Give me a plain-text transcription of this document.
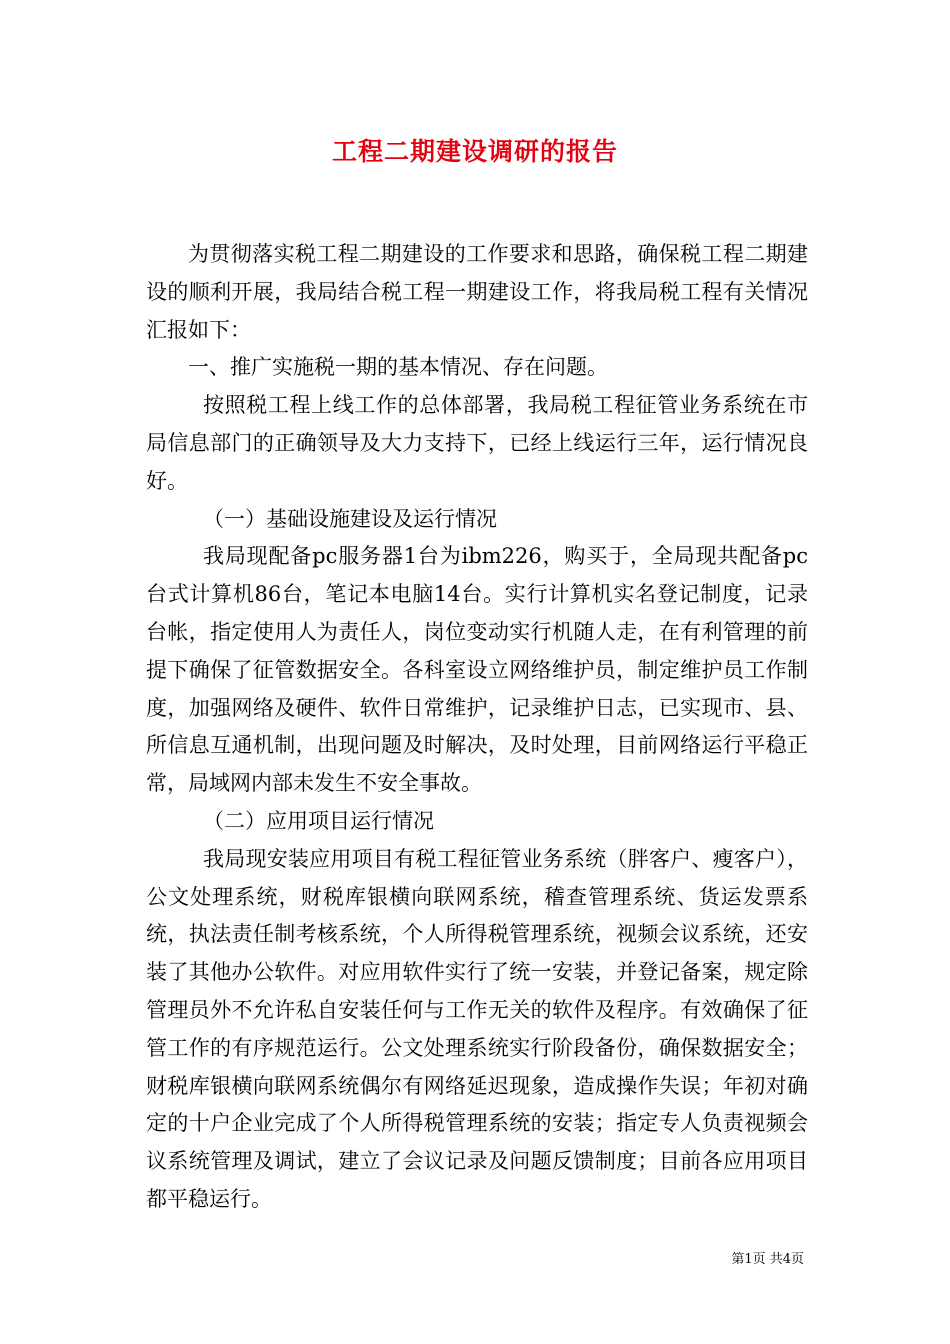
工程二期建设调研的报告

为贯彻落实税工程二期建设的工作要求和思路，确保税工程二期建设的顺利开展，我局结合税工程一期建设工作，将我局税工程有关情况汇报如下：

一、推广实施税一期的基本情况、存在问题。

按照税工程上线工作的总体部署，我局税工程征管业务系统在市局信息部门的正确领导及大力支持下，已经上线运行三年，运行情况良好。

（一）基础设施建设及运行情况

我局现配备pc服务器1台为ibm226，购买于，全局现共配备pc台式计算机86台，笔记本电脑14台。实行计算机实名登记制度，记录台帐，指定使用人为责任人，岗位变动实行机随人走，在有利管理的前提下确保了征管数据安全。各科室设立网络维护员，制定维护员工作制度，加强网络及硬件、软件日常维护，记录维护日志，已实现市、县、所信息互通机制，出现问题及时解决，及时处理，目前网络运行平稳正常，局域网内部未发生不安全事故。

（二）应用项目运行情况

我局现安装应用项目有税工程征管业务系统（胖客户、瘦客户），公文处理系统，财税库银横向联网系统，稽查管理系统、货运发票系统，执法责任制考核系统，个人所得税管理系统，视频会议系统，还安装了其他办公软件。对应用软件实行了统一安装，并登记备案，规定除管理员外不允许私自安装任何与工作无关的软件及程序。有效确保了征管工作的有序规范运行。公文处理系统实行阶段备份，确保数据安全；财税库银横向联网系统偶尔有网络延迟现象，造成操作失误；年初对确定的十户企业完成了个人所得税管理系统的安装；指定专人负责视频会议系统管理及调试，建立了会议记录及问题反馈制度；目前各应用项目都平稳运行。

第1页 共4页
